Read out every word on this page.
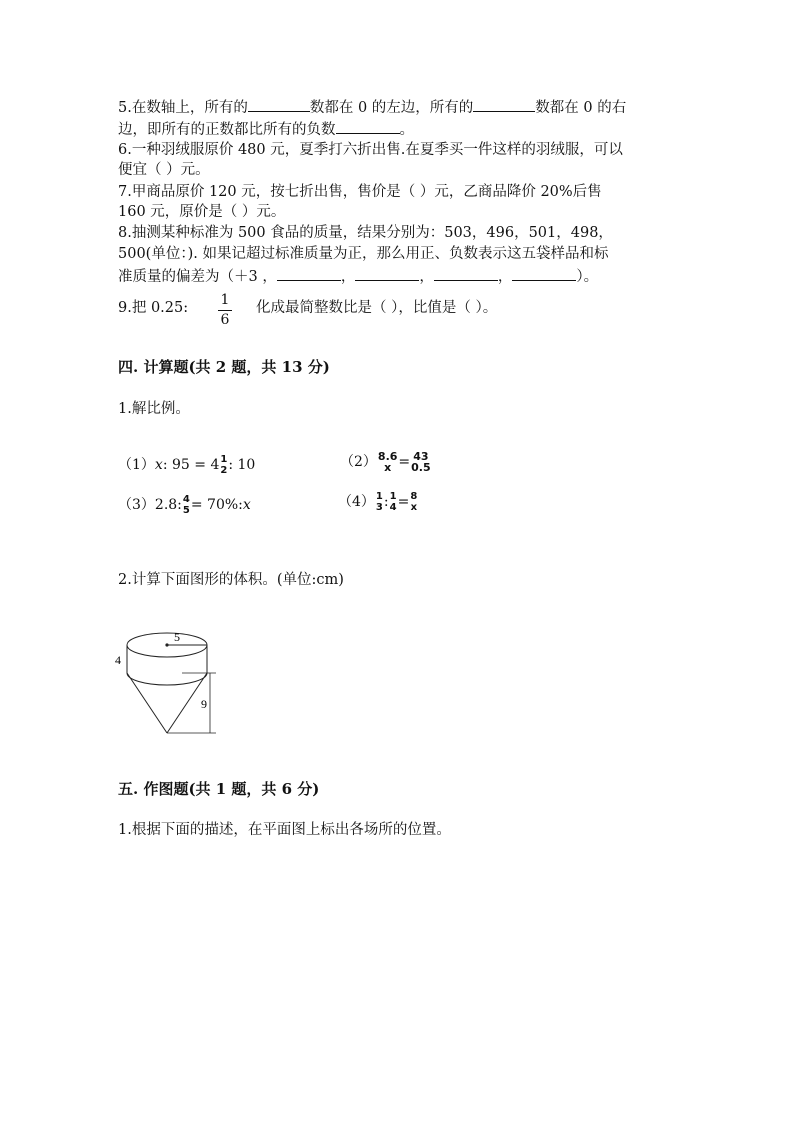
5.在数轴上，所有的	数都在 0 的左边，所有的	数都在 0 的右
边，即所有的正数都比所有的负数	。
6.一种羽绒服原价 480 元，夏季打六折出售.在夏季买一件这样的羽绒服，可以
便宜（ ）元。
7.甲商品原价 120 元，按七折出售，售价是（ ）元，乙商品降价 20%后售
160 元，原价是（ ）元。
8.抽测某种标准为 500 食品的质量，结果分别为：503，496，501，498，
500(单位：). 如果记超过标准质量为正，那么用正、负数表示这五袋样品和标
准质量的偏差为（＋3 ，	，	，	，	）。
9.把 0.25: 1
6
化成最简整数比是（ ），比值是（ ）。
四. 计算题(共 2 题，共 13 分)
1.解比例。
（1）x: 95 = 4 1
2 : 10	（2） 8.6
x = 43
0.5
（3）2.8: 4
5 = 70%:x	（4） 1
3 : 1
4 = 8
x
2.计算下面图形的体积。(单位:cm)
5
4
9
五. 作图题(共 1 题，共 6 分)
1.根据下面的描述，在平面图上标出各场所的位置。
